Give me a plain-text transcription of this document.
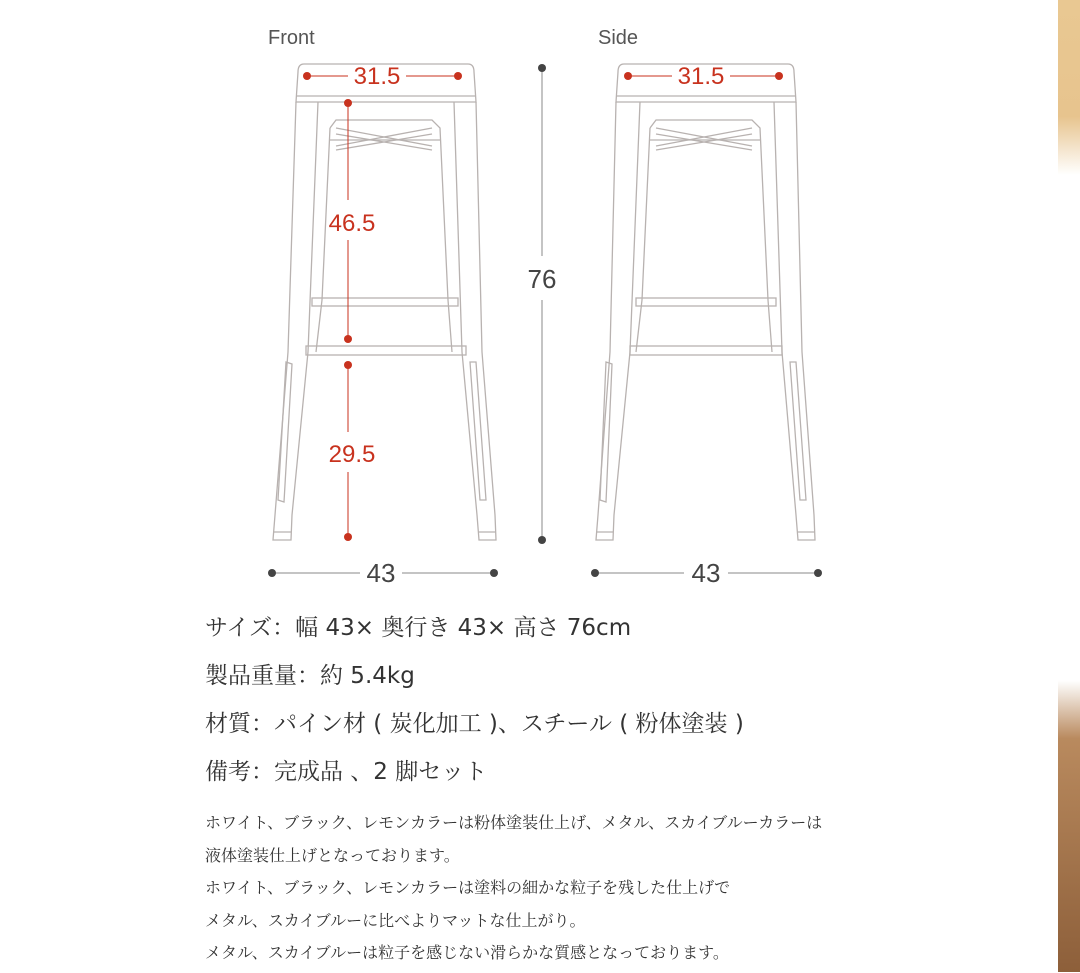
Front
31.5
46.5
29.5
43
76
Side
31.5
43
サイズ：幅 43× 奥行き 43× 高さ 76cm
製品重量：約 5.4kg
材質：パイン材 ( 炭化加工 )、スチール ( 粉体塗装 )
備考：完成品 、2 脚セット
ホワイト、ブラック、レモンカラーは粉体塗装仕上げ、メタル、スカイブルーカラーは
液体塗装仕上げとなっております。
ホワイト、ブラック、レモンカラーは塗料の細かな粒子を残した仕上げで
メタル、スカイブルーに比べよりマットな仕上がり。
メタル、スカイブルーは粒子を感じない滑らかな質感となっております。
